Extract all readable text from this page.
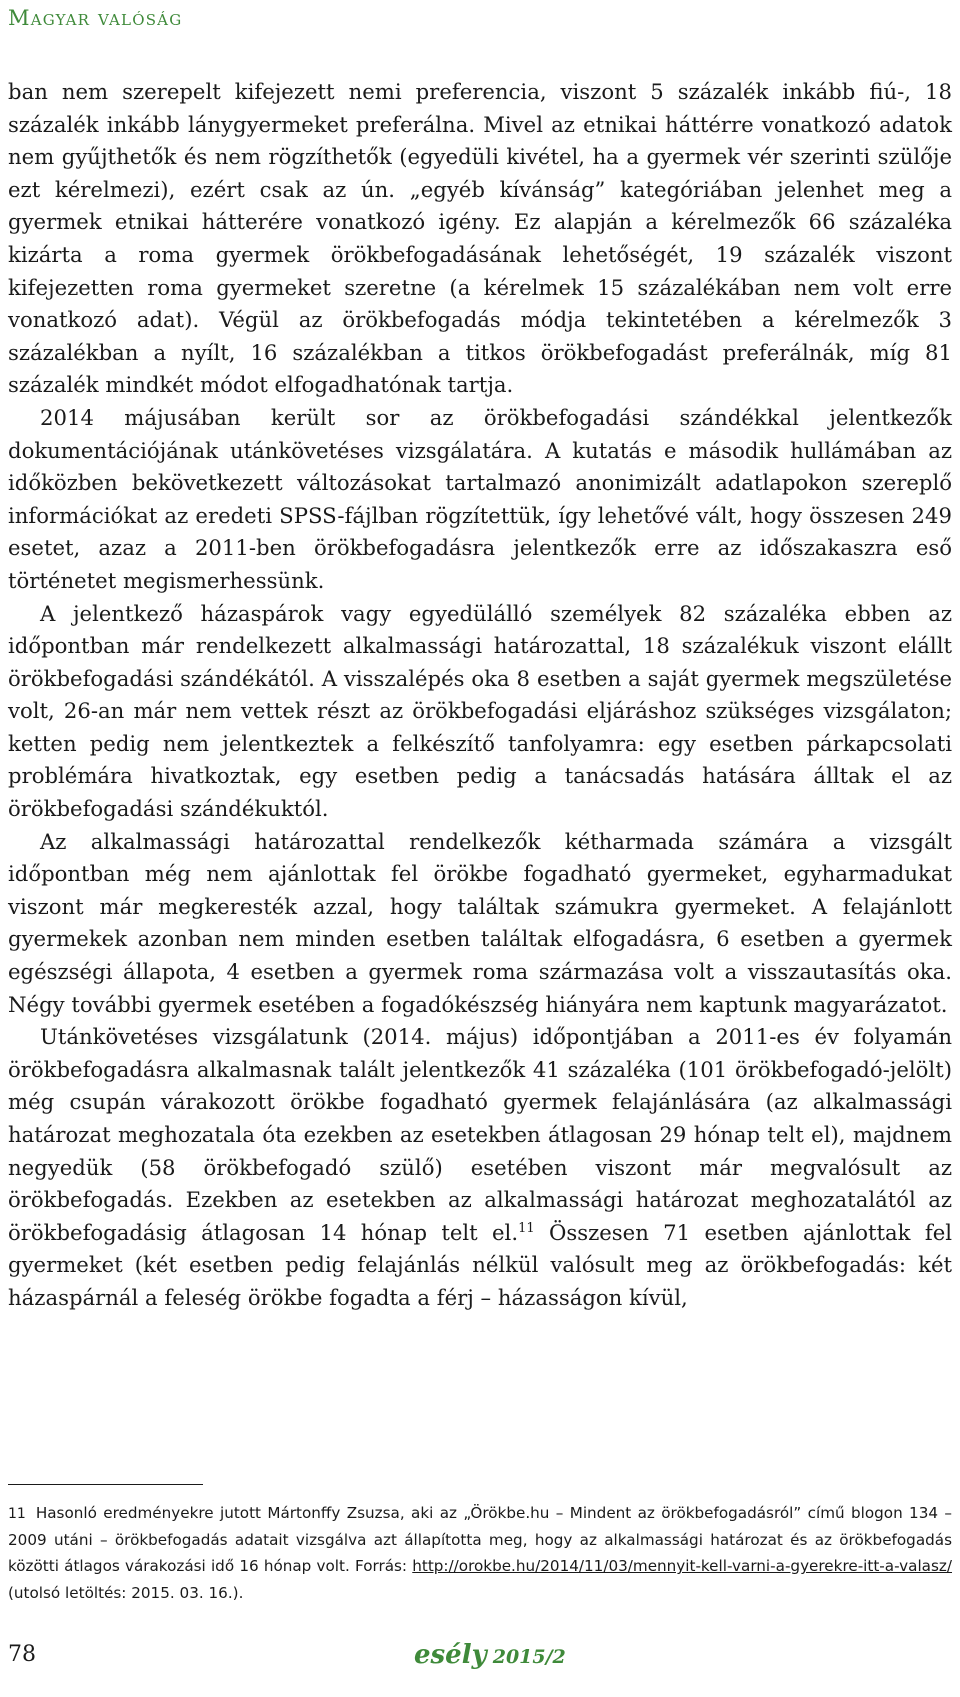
Magyar valóság

ban nem szerepelt kifejezett nemi preferencia, viszont 5 százalék inkább fiú-, 18 százalék inkább lánygyermeket preferálna. Mivel az etnikai háttérre vonatkozó adatok nem gyűjthetők és nem rögzíthetők (egyedüli kivétel, ha a gyermek vér szerinti szülője ezt kérelmezi), ezért csak az ún. „egyéb kívánság” kategóriában jelenhet meg a gyermek etnikai hátterére vonatkozó igény. Ez alapján a kérelmezők 66 százaléka kizárta a roma gyermek örökbefogadásának lehetőségét, 19 százalék viszont kifejezetten roma gyermeket szeretne (a kérelmek 15 százalékában nem volt erre vonatkozó adat). Végül az örökbefogadás módja tekintetében a kérelmezők 3 százalékban a nyílt, 16 százalékban a titkos örökbefogadást preferálnák, míg 81 százalék mindkét módot elfogadhatónak tartja.

2014 májusában került sor az örökbefogadási szándékkal jelentkezők dokumentációjának utánkövetéses vizsgálatára. A kutatás e második hullámában az időközben bekövetkezett változásokat tartalmazó anonimizált adatlapokon szereplő információkat az eredeti SPSS-fájlban rögzítettük, így lehetővé vált, hogy összesen 249 esetet, azaz a 2011-ben örökbefogadásra jelentkezők erre az időszakaszra eső történetet megismerhessünk.

A jelentkező házaspárok vagy egyedülálló személyek 82 százaléka ebben az időpontban már rendelkezett alkalmassági határozattal, 18 százalékuk viszont elállt örökbefogadási szándékától. A visszalépés oka 8 esetben a saját gyermek megszületése volt, 26-an már nem vettek részt az örökbefogadási eljáráshoz szükséges vizsgálaton; ketten pedig nem jelentkeztek a felkészítő tanfolyamra: egy esetben párkapcsolati problémára hivatkoztak, egy esetben pedig a tanácsadás hatására álltak el az örökbefogadási szándékuktól.

Az alkalmassági határozattal rendelkezők kétharmada számára a vizsgált időpontban még nem ajánlottak fel örökbe fogadható gyermeket, egyharmadukat viszont már megkeresték azzal, hogy találtak számukra gyermeket. A felajánlott gyermekek azonban nem minden esetben találtak elfogadásra, 6 esetben a gyermek egészségi állapota, 4 esetben a gyermek roma származása volt a visszautasítás oka. Négy további gyermek esetében a fogadókészség hiányára nem kaptunk magyarázatot.

Utánkövetéses vizsgálatunk (2014. május) időpontjában a 2011-es év folyamán örökbefogadásra alkalmasnak talált jelentkezők 41 százaléka (101 örökbefogadó-jelölt) még csupán várakozott örökbe fogadható gyermek felajánlására (az alkalmassági határozat meghozatala óta ezekben az esetekben átlagosan 29 hónap telt el), majdnem negyedük (58 örökbefogadó szülő) esetében viszont már megvalósult az örökbefogadás. Ezekben az esetekben az alkalmassági határozat meghozatalától az örökbefogadásig átlagosan 14 hónap telt el.$^{11}$ Összesen 71 esetben ajánlottak fel gyermeket (két esetben pedig felajánlás nélkül valósult meg az örökbefogadás: két házaspárnál a feleség örökbe fogadta a férj – házasságon kívül,

11 Hasonló eredményekre jutott Mártonffy Zsuzsa, aki az „Örökbe.hu – Mindent az örökbefogadásról” című blogon 134 – 2009 utáni – örökbefogadás adatait vizsgálva azt állapította meg, hogy az alkalmassági határozat és az örökbefogadás közötti átlagos várakozási idő 16 hónap volt. Forrás: http://orokbe.hu/2014/11/03/mennyit-kell-varni-a-gyerekre-itt-a-valasz/ (utolsó letöltés: 2015. 03. 16.).
78	esély 2015/2
